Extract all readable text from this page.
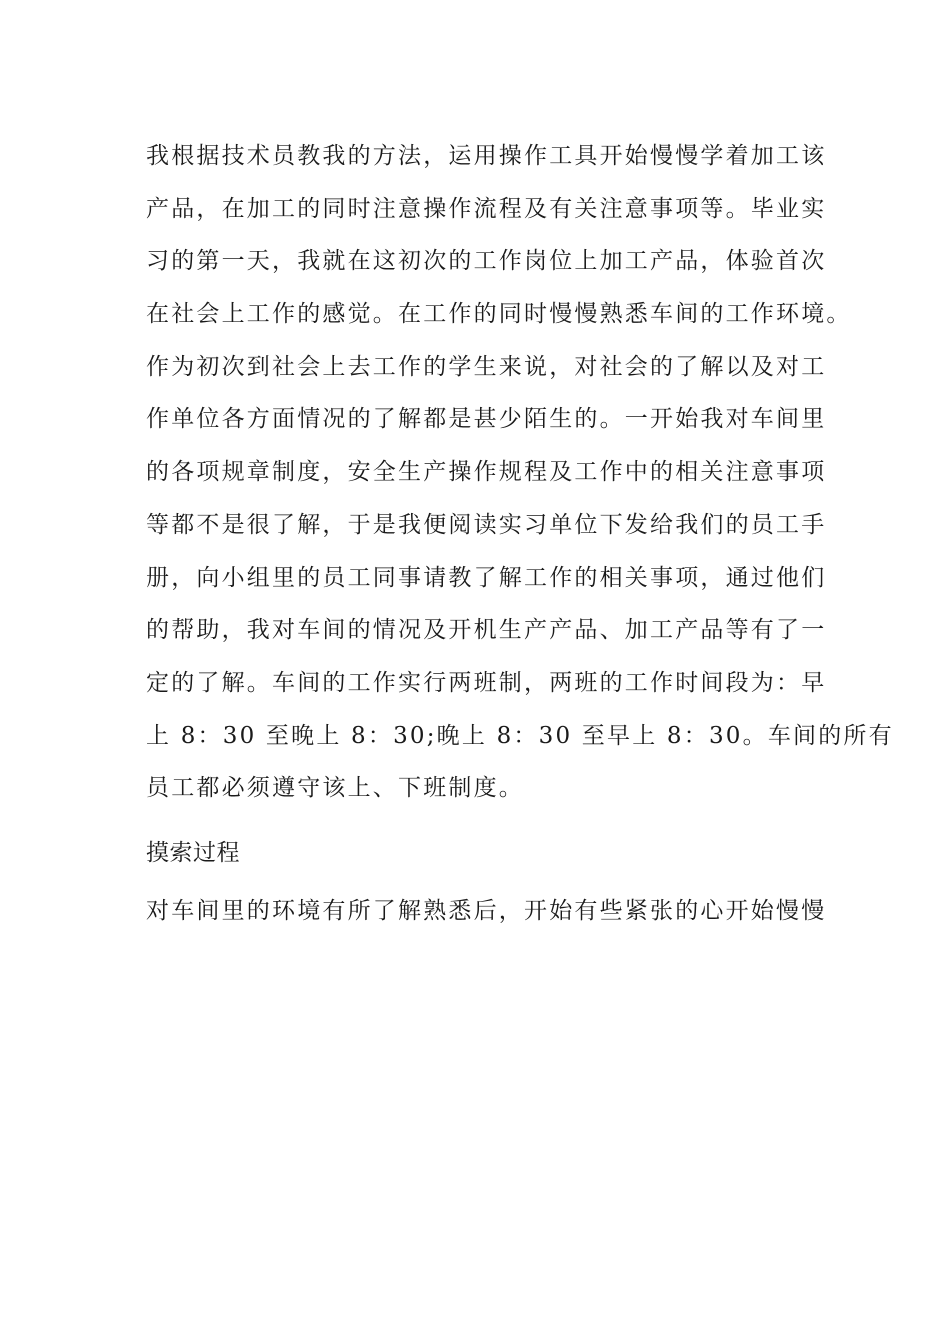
我根据技术员教我的方法，运用操作工具开始慢慢学着加工该
产品，在加工的同时注意操作流程及有关注意事项等。毕业实
习的第一天，我就在这初次的工作岗位上加工产品，体验首次
在社会上工作的感觉。在工作的同时慢慢熟悉车间的工作环境。
作为初次到社会上去工作的学生来说，对社会的了解以及对工
作单位各方面情况的了解都是甚少陌生的。一开始我对车间里
的各项规章制度，安全生产操作规程及工作中的相关注意事项
等都不是很了解，于是我便阅读实习单位下发给我们的员工手
册，向小组里的员工同事请教了解工作的相关事项，通过他们
的帮助，我对车间的情况及开机生产产品、加工产品等有了一
定的了解。车间的工作实行两班制，两班的工作时间段为：早
上 8：30 至晚上 8：30;晚上 8：30 至早上 8：30。车间的所有
员工都必须遵守该上、下班制度。
摸索过程
对车间里的环境有所了解熟悉后，开始有些紧张的心开始慢慢
